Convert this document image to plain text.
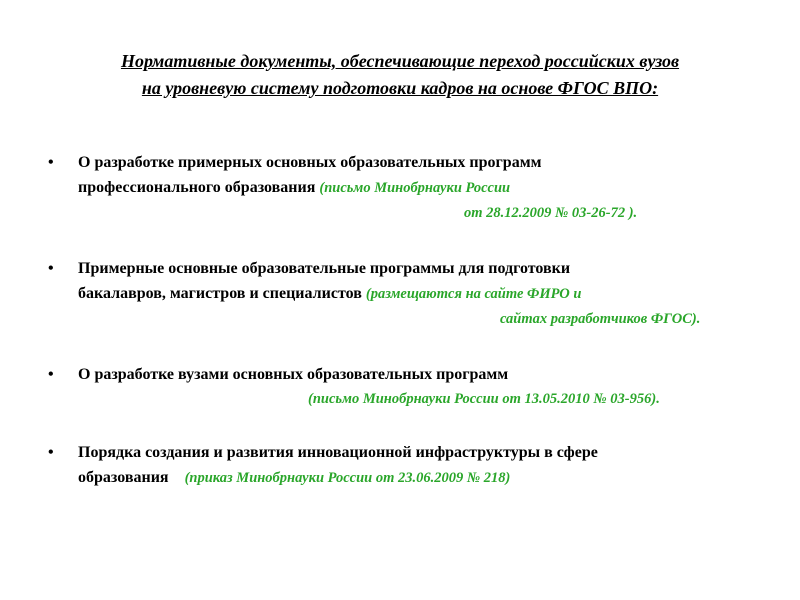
Нормативные документы, обеспечивающие переход российских вузов
на уровневую систему подготовки кадров на основе ФГОС ВПО:
•	О разработке примерных основных образовательных программ
профессионального образования (письмо Минобрнауки России
от 28.12.2009 № 03-26-72 ).
•	Примерные основные образовательные программы для подготовки
бакалавров, магистров и специалистов (размещаются на сайте ФИРО и
сайтах разработчиков ФГОС).
•	О разработке вузами основных образовательных программ
(письмо Минобрнауки России от 13.05.2010 № 03-956).
•	Порядка создания и развития инновационной инфраструктуры в сфере
образования (приказ Минобрнауки России от 23.06.2009 № 218)
